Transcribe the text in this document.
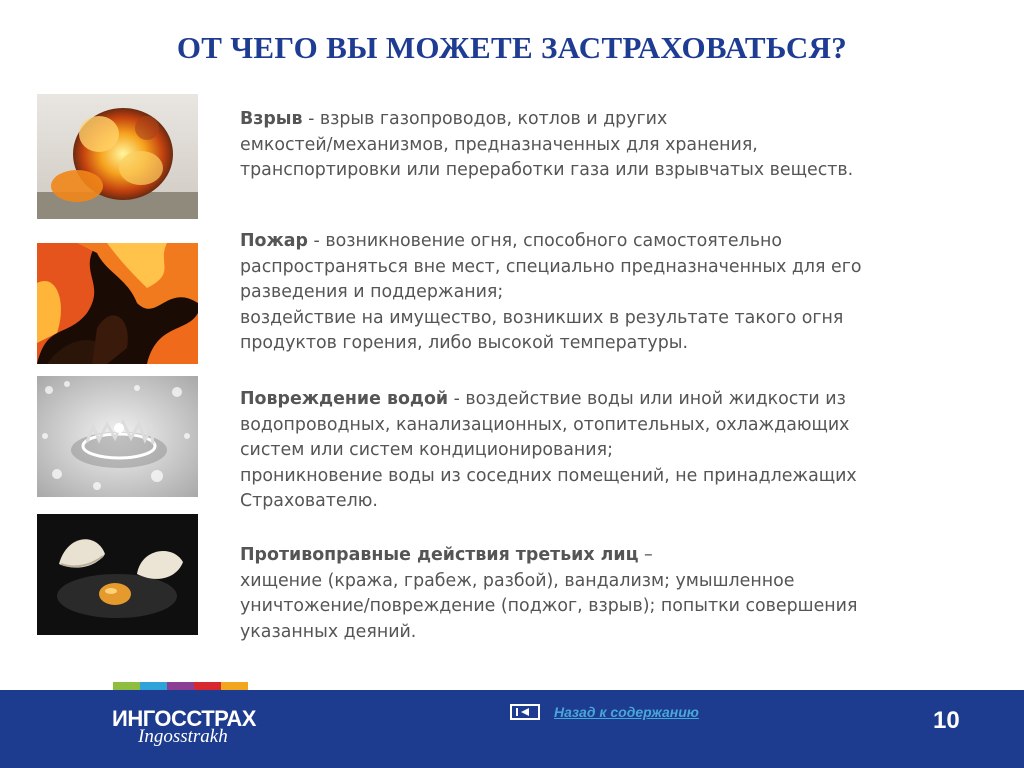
ОТ ЧЕГО ВЫ МОЖЕТЕ ЗАСТРАХОВАТЬСЯ?
Взрыв - взрыв газопроводов, котлов и других
емкостей/механизмов, предназначенных для хранения,
транспортировки или переработки газа или взрывчатых веществ.
Пожар - возникновение огня, способного самостоятельно
распространяться вне мест, специально предназначенных для его
разведения и поддержания;
воздействие на имущество, возникших в результате такого огня
продуктов горения, либо высокой температуры.
Повреждение водой - воздействие воды или иной жидкости из
водопроводных, канализационных, отопительных, охлаждающих
систем или систем кондиционирования;
проникновение воды из соседних помещений, не принадлежащих
Страхователю.
Противоправные действия третьих лиц –
хищение (кража, грабеж, разбой), вандализм; умышленное
уничтожение/повреждение (поджог, взрыв); попытки совершения
указанных деяний.
ИНГОССТРАХ
Ingosstrakh
Назад к содержанию	10
